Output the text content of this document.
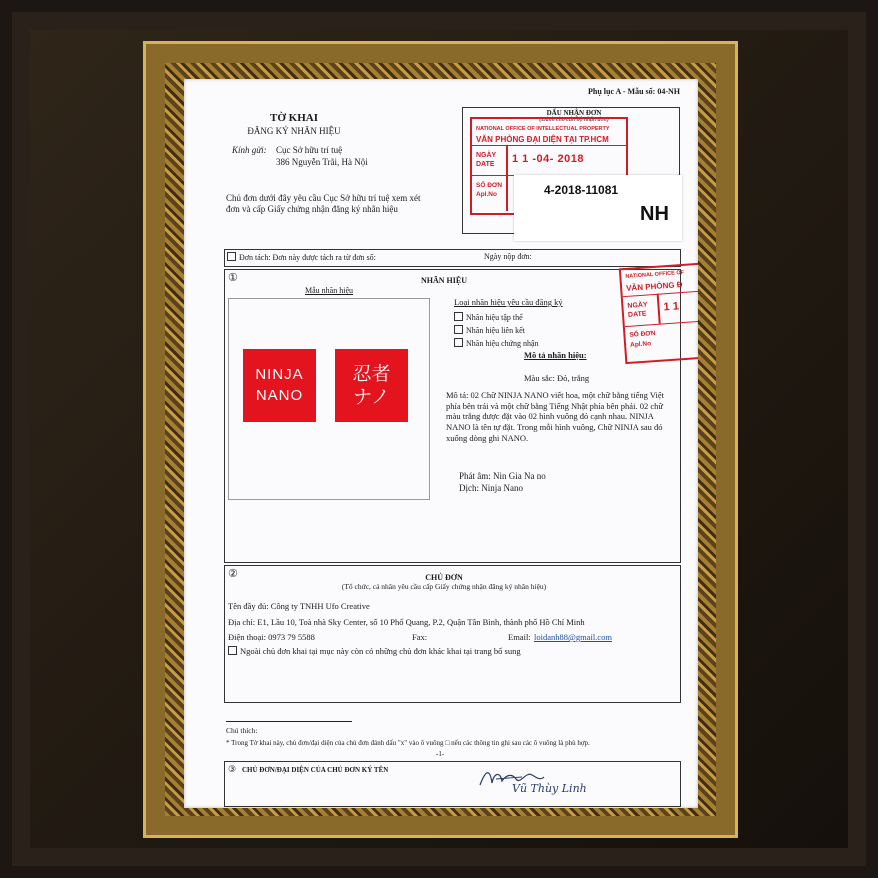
Phụ lục A - Mẫu số: 04-NH
TỜ KHAI
ĐĂNG KÝ NHÃN HIỆU
Kính gửi: Cục Sở hữu trí tuệ
386 Nguyễn Trãi, Hà Nội
Chủ đơn dưới đây yêu cầu Cục Sở hữu trí tuệ xem xét
đơn và cấp Giấy chứng nhận đăng ký nhãn hiệu
DẤU NHẬN ĐƠN
(Dành cho cán bộ nhận đơn)
NATIONAL OFFICE OF INTELLECTUAL PROPERTY
VĂN PHÒNG ĐẠI DIỆN TẠI TP.HCM
NGÀY
DATE 1 1 -04- 2018
SỐ ĐƠN
Apl.No	4-2018-11081
NH
Đơn tách: Đơn này được tách ra từ đơn số:	Ngày nộp đơn:
①	NHÃN HIỆU
Mẫu nhãn hiệu
NINJA
NANO
忍者
ナノ
Loại nhãn hiệu yêu cầu đăng ký
Nhãn hiệu tập thể
Nhãn hiệu liên kết
Nhãn hiệu chứng nhận
Mô tả nhãn hiệu:
Màu sắc: Đỏ, trắng
Mô tả: 02 Chữ NINJA NANO viết hoa, một chữ bằng tiếng Việt phía bên trái và một chữ bằng Tiếng Nhật phía bên phải. 02 chữ màu trắng được đặt vào 02 hình vuông đỏ cạnh nhau. NINJA NANO là tên tự đặt. Trong mỗi hình vuông, Chữ NINJA sau đó xuống dòng ghi NANO.
Phát âm: Nin Gia Na no
Dịch: Ninja Nano
NATIONAL OFFICE OF
VĂN PHÒNG Đ
NGÀY
DATE
1 1
SỐ ĐƠN
Apl.No
②	CHỦ ĐƠN
(Tổ chức, cá nhân yêu cầu cấp Giấy chứng nhận đăng ký nhãn hiệu)
Tên đầy đủ: Công ty TNHH Ufo Creative
Địa chỉ: E1, Lầu 10, Toà nhà Sky Center, số 10 Phổ Quang, P.2, Quận Tân Bình, thành phố Hồ Chí Minh
Điện thoại: 0973 79 5588	Fax:	Email: loidanh88@gmail.com
Ngoài chủ đơn khai tại mục này còn có những chủ đơn khác khai tại trang bổ sung
Chú thích:
* Trong Tờ khai này, chủ đơn/đại diện của chủ đơn đánh dấu "x" vào ô vuông □ nếu các thông tin ghi sau các ô vuông là phù hợp.
-1-
③ CHỦ ĐƠN/ĐẠI DIỆN CỦA CHỦ ĐƠN KÝ TÊN
Vũ Thùy Linh
